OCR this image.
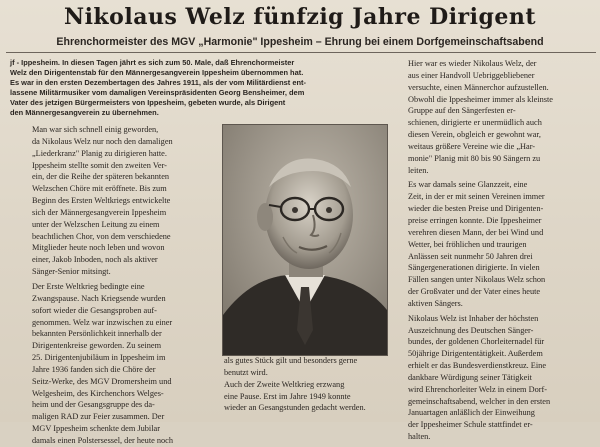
Nikolaus Welz fünfzig Jahre Dirigent
Ehrenchormeister des MGV „Harmonie" Ippesheim – Ehrung bei einem Dorfgemeinschaftsabend
jf - Ippesheim. In diesen Tagen jährt es sich zum 50. Male, daß Ehrenchormeister
Welz den Dirigentenstab für den Männergesangverein Ippesheim übernommen hat.
Es war in den ersten Dezembertagen des Jahres 1911, als der vom Militärdienst ent-
lassene Militärmusiker vom damaligen Vereinspräsidenten Georg Bensheimer, dem
Vater des jetzigen Bürgermeisters von Ippesheim, gebeten wurde, als Dirigent
den Männergesangverein zu übernehmen.
Man war sich schnell einig geworden,
da Nikolaus Welz nur noch den damaligen
„Liederkranz" Planig zu dirigieren hatte.
Ippesheim stellte somit den zweiten Ver-
ein, der die Reihe der späteren bekannten
Welzschen Chöre mit eröffnete. Bis zum
Beginn des Ersten Weltkriegs entwickelte
sich der Männergesangverein Ippesheim
unter der Welzschen Leitung zu einem
beachtlichen Chor, von dem verschiedene
Mitglieder heute noch leben und wovon
einer, Jakob Inboden, noch als aktiver
Sänger-Senior mitsingt.
Der Erste Weltkrieg bedingte eine
Zwangspause. Nach Kriegsende wurden
sofort wieder die Gesangsproben auf-
genommen. Welz war inzwischen zu einer
bekannten Persönlichkeit innerhalb der
Dirigentenkreise geworden. Zu seinem
25. Dirigentenjubiläum in Ippesheim im
Jahre 1936 fanden sich die Chöre der
Seitz-Werke, des MGV Dromersheim und
Welgesheim, des Kirchenchors Welges-
heim und der Gesangsgruppe des da-
maligen RAD zur Feier zusammen. Der
MGV Ippesheim schenkte dem Jubilar
damals einen Polstersessel, der heute noch
als gutes Stück gilt und besonders gerne
benutzt wird.
Auch der Zweite Weltkrieg erzwang
eine Pause. Erst im Jahre 1949 konnte
wieder an Gesangstunden gedacht werden.
Hier war es wieder Nikolaus Welz, der
aus einer Handvoll Uebriggebliebener
versuchte, einen Männerchor aufzustellen.
Obwohl die Ippesheimer immer als kleinste
Gruppe auf den Sängerfesten er-
schienen, dirigierte er unermüdlich auch
diesen Verein, obgleich er gewohnt war,
weitaus größere Vereine wie die „Har-
monie" Planig mit 80 bis 90 Sängern zu
leiten.
Es war damals seine Glanzzeit, eine
Zeit, in der er mit seinen Vereinen immer
wieder die besten Preise und Dirigenten-
preise erringen konnte. Die Ippesheimer
verehren diesen Mann, der bei Wind und
Wetter, bei fröhlichen und traurigen
Anlässen seit nunmehr 50 Jahren drei
Sängergenerationen dirigierte. In vielen
Fällen sangen unter Nikolaus Welz schon
der Großvater und der Vater eines heute
aktiven Sängers.
Nikolaus Welz ist Inhaber der höchsten
Auszeichnung des Deutschen Sänger-
bundes, der goldenen Chorleiternadel für
50jährige Dirigententätigkeit. Außerdem
erhielt er das Bundesverdienstkreuz. Eine
dankbare Würdigung seiner Tätigkeit
wird Ehrenchorleiter Welz in einem Dorf-
gemeinschaftsabend, welcher in den ersten
Januartagen anläßlich der Einweihung
der Ippesheimer Schule stattfindet er-
halten.
